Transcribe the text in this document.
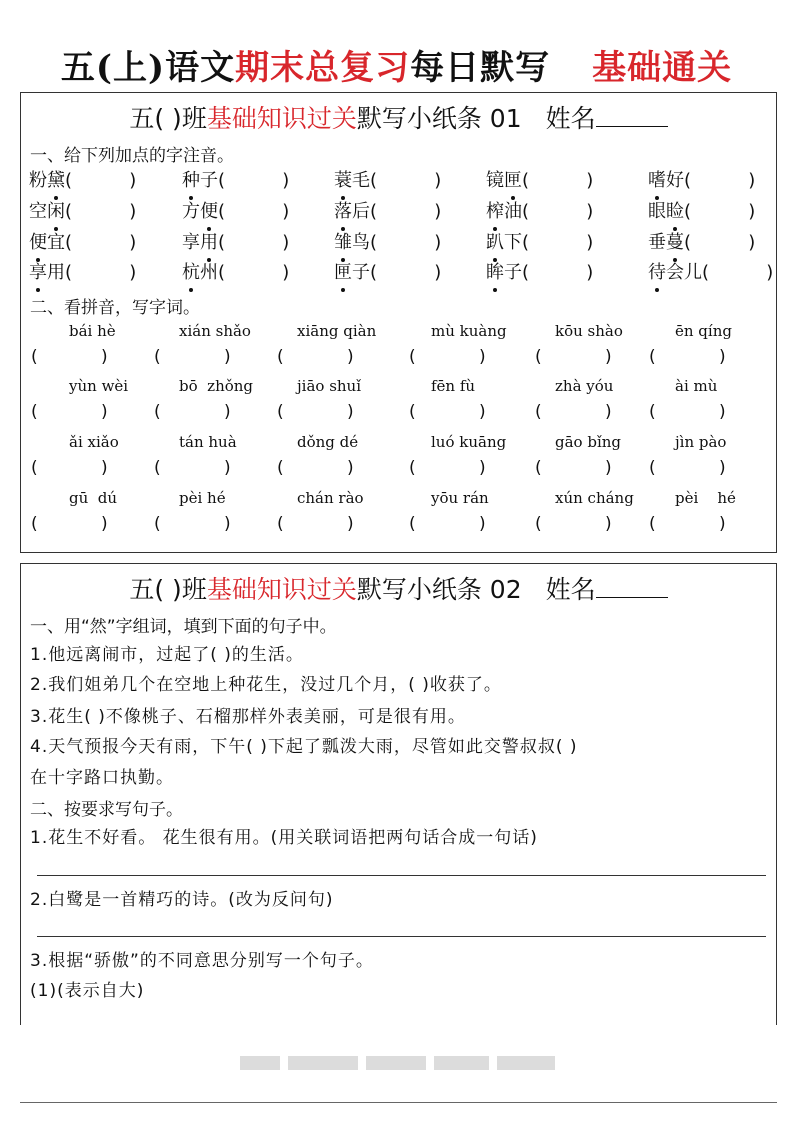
五(上)语文期末总复习每日默写 基础通关
五( )班基础知识过关默写小纸条 01 姓名
一、给下列加点的字注音。
粉黛(          )	种子(          ) 蓑毛(          ) 镜匣(          )	嗜好(          )
空闲(          )	方便(          ) 落后(          ) 榨油(          )	眼睑(          )
便宜(          )	享用(          ) 雏鸟(          ) 趴下(          )	垂蔓(          )
享用(          )	杭州(          ) 匣子(          ) 眸子(          )	待会儿(          )
二、看拼音，写字词。
bái hè	xián shǎo	xiāng qiàn	mù kuàng	kōu shào	ēn qíng
(	)	(	)	(	)	(	)	(	) (	)
yùn wèi	bō  zhǒng	jiāo shuǐ	fēn fù	zhà yóu	ài mù
(	)	(	)	(	)	(	)	(	) (	)
ǎi xiǎo	tán huà	dǒng dé	luó kuāng	gāo bǐng	jìn pào
(	)	(	)	(	)	(	)	(	) (	)
gū  dú	pèi hé	chán rào	yōu rán	xún cháng	pèi    hé
(	)	(	)	(	)	(	)	(	) (	)
五( )班基础知识过关默写小纸条 02 姓名
一、用“然”字组词，填到下面的句子中。
1.他远离闹市，过起了( )的生活。
2.我们姐弟几个在空地上种花生，没过几个月，( )收获了。
3.花生( )不像桃子、石榴那样外表美丽，可是很有用。
4.天气预报今天有雨，下午( )下起了瓢泼大雨，尽管如此交警叔叔( )
在十字路口执勤。
二、按要求写句子。
1.花生不好看。 花生很有用。(用关联词语把两句话合成一句话)
2.白鹭是一首精巧的诗。(改为反问句)
3.根据“骄傲”的不同意思分别写一个句子。
(1)(表示自大)
